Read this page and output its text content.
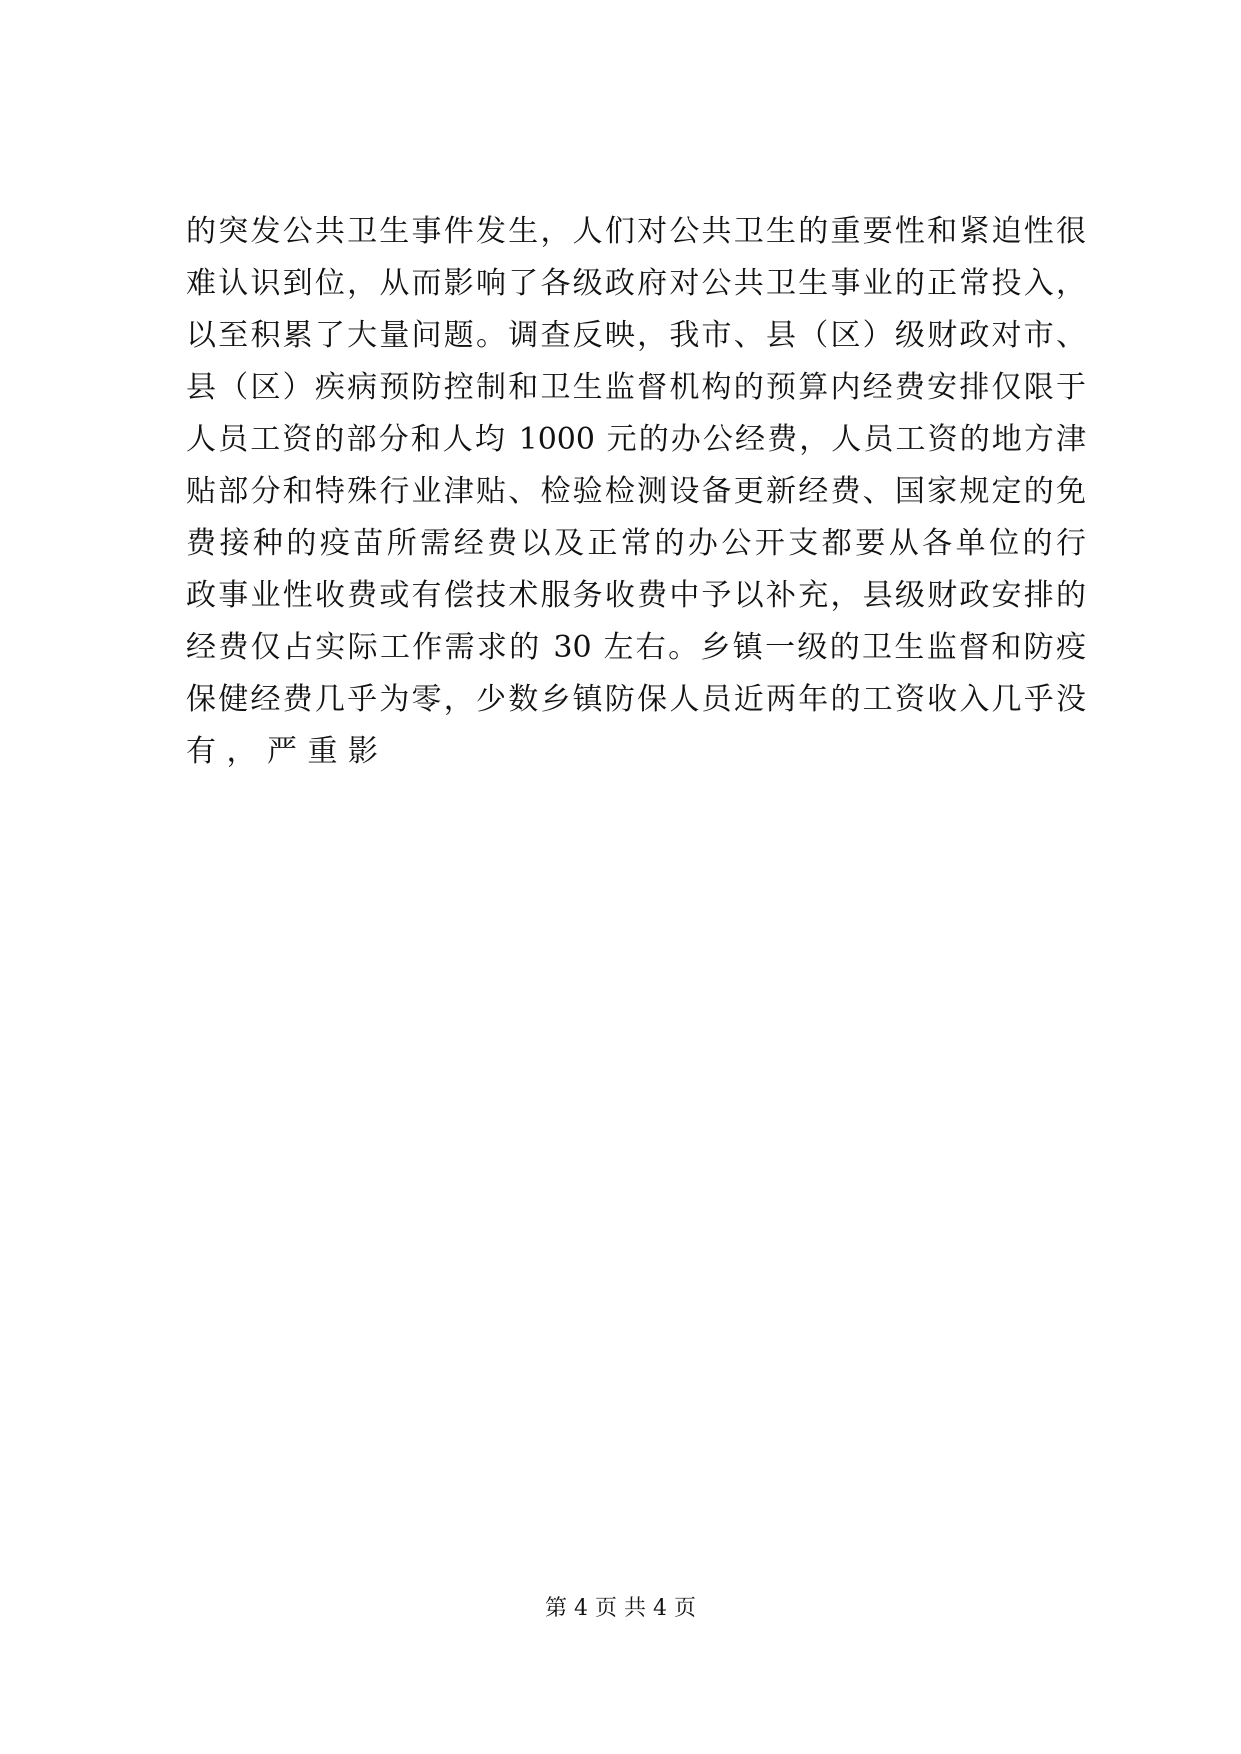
的突发公共卫生事件发生，人们对公共卫生的重要性和紧迫性很
难认识到位，从而影响了各级政府对公共卫生事业的正常投入，
以至积累了大量问题。调查反映，我市、县（区）级财政对市、
县（区）疾病预防控制和卫生监督机构的预算内经费安排仅限于
人员工资的部分和人均 1000 元的办公经费，人员工资的地方津
贴部分和特殊行业津贴、检验检测设备更新经费、国家规定的免
费接种的疫苗所需经费以及正常的办公开支都要从各单位的行
政事业性收费或有偿技术服务收费中予以补充，县级财政安排的
经费仅占实际工作需求的 30 左右。乡镇一级的卫生监督和防疫
保健经费几乎为零，少数乡镇防保人员近两年的工资收入几乎没
有，严重影
第 4 页 共 4 页
